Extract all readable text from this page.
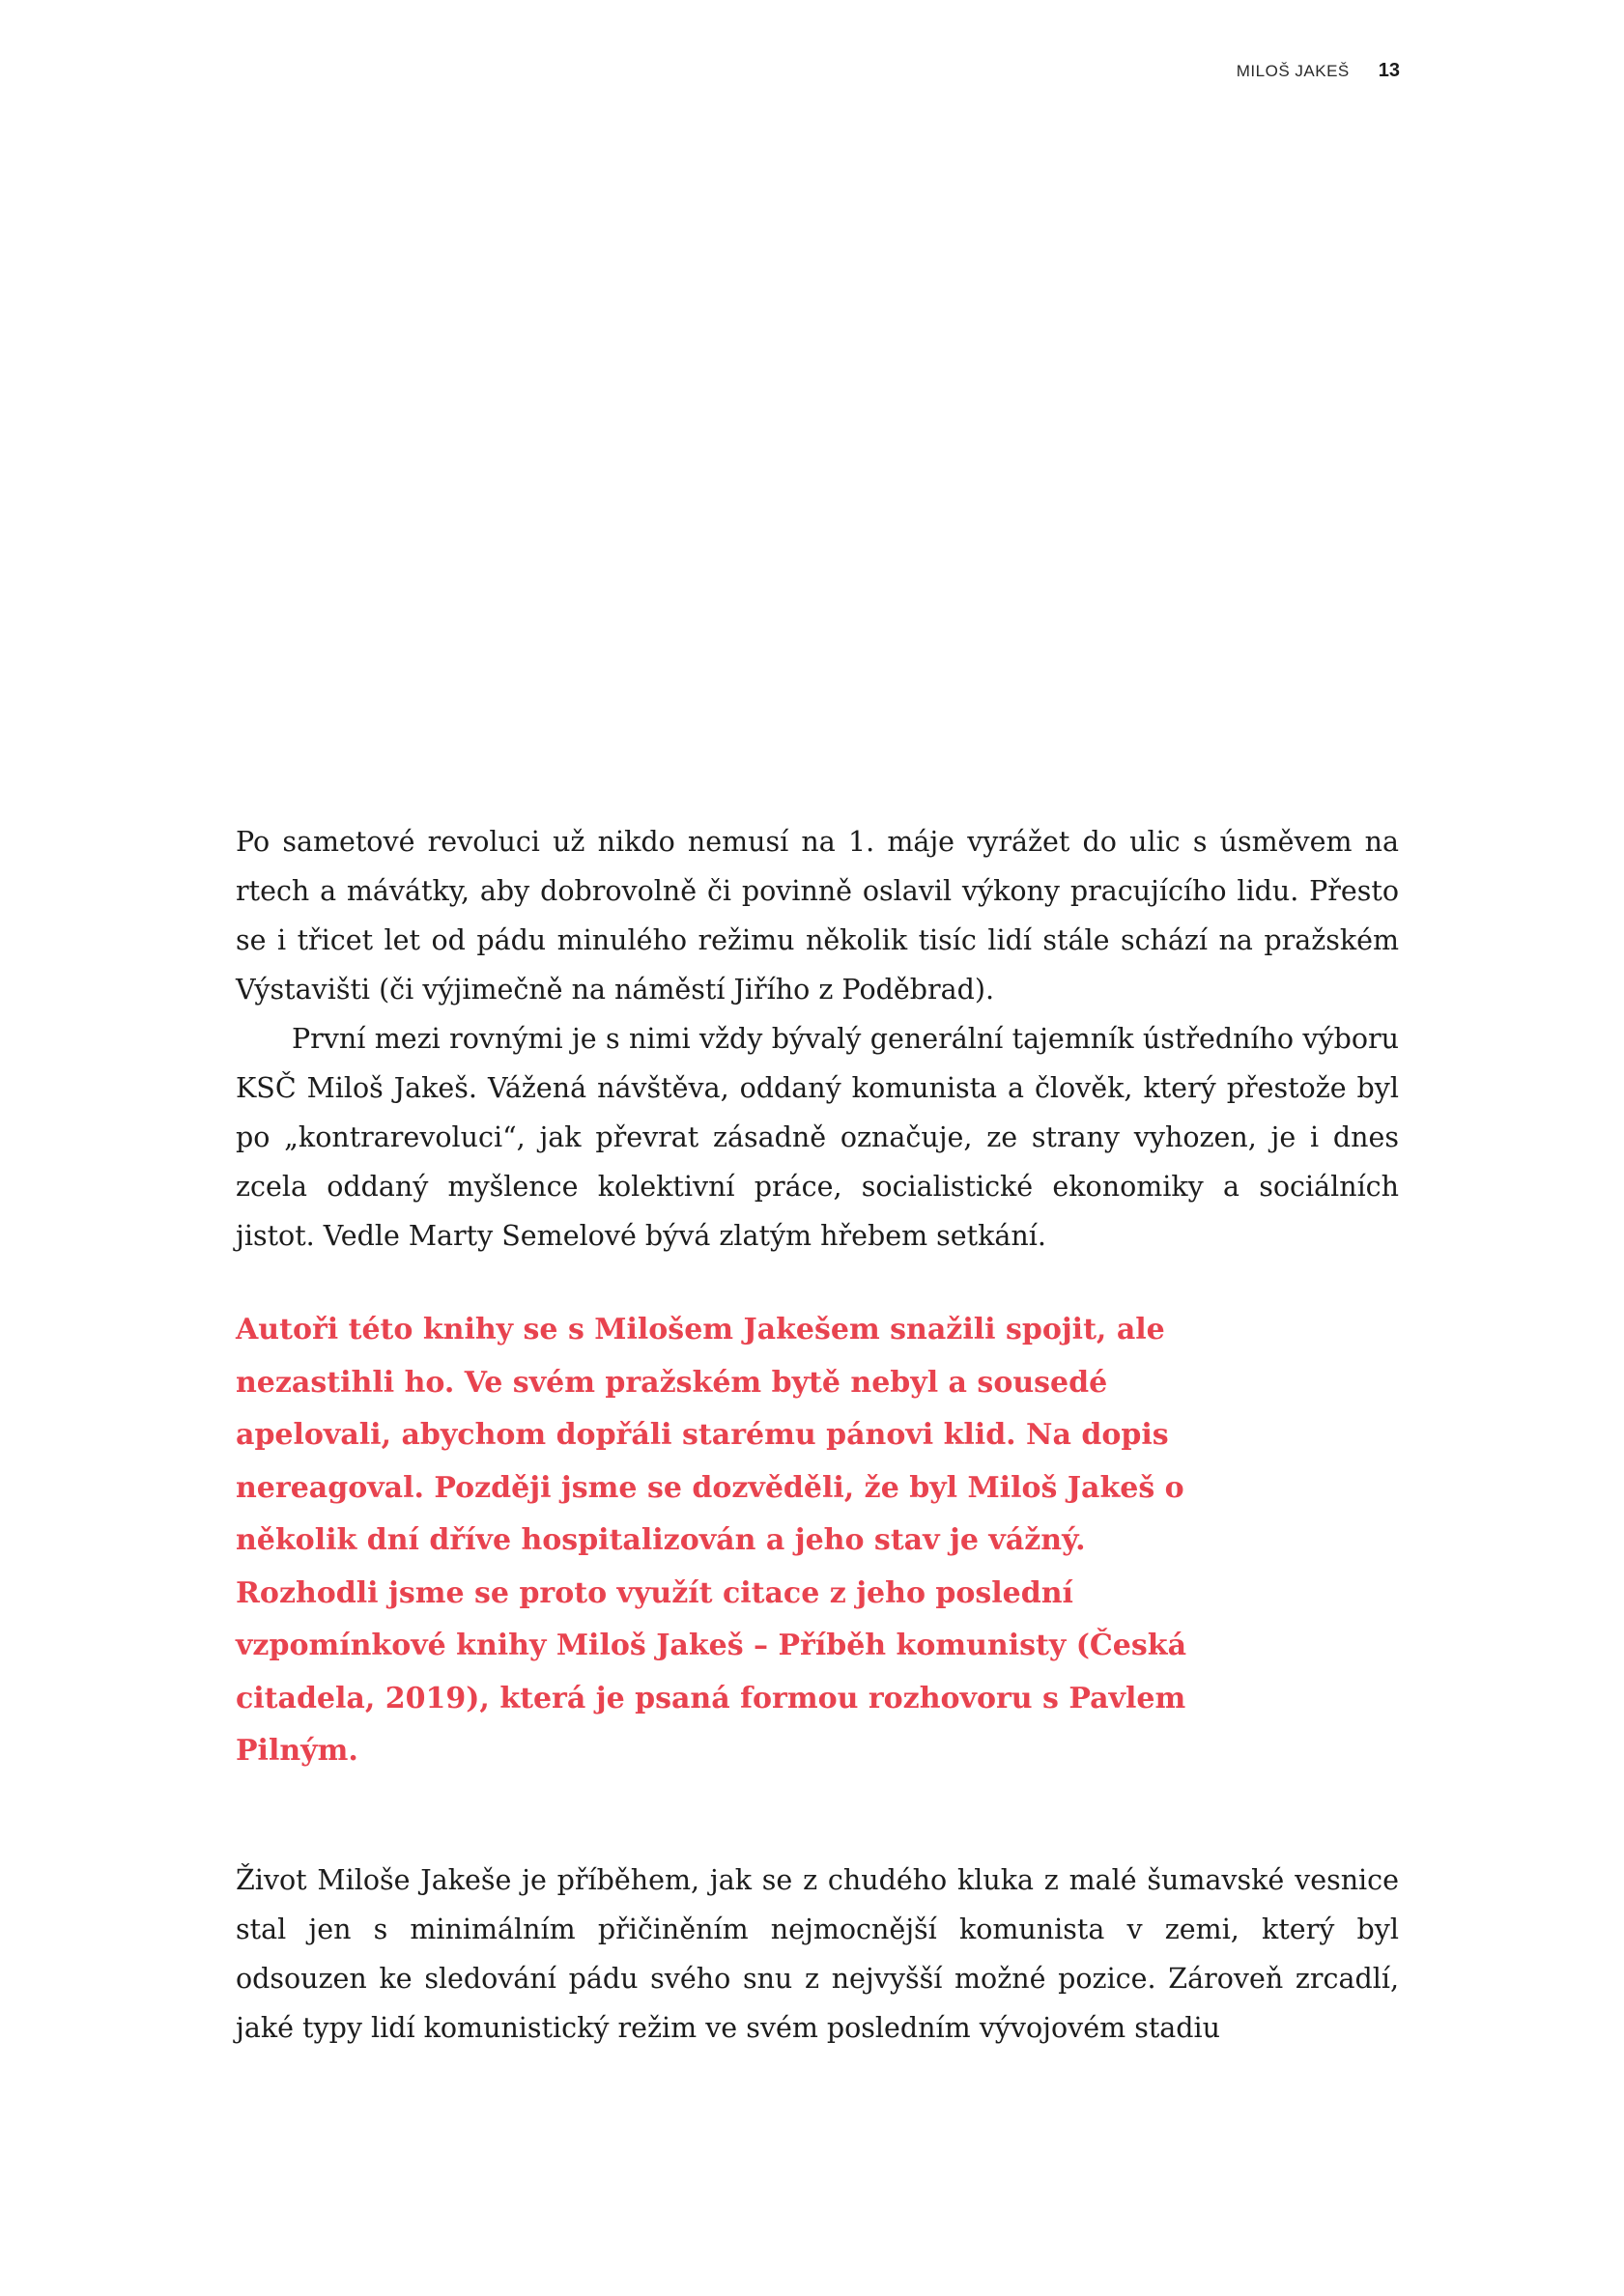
MILOŠ JAKEŠ 13

Po sametové revoluci už nikdo nemusí na 1. máje vyrážet do ulic s úsměvem na rtech a mávátky, aby dobrovolně či povinně oslavil výkony pracujícího lidu. Přesto se i třicet let od pádu minulého režimu několik tisíc lidí stále schází na pražském Výstavišti (či výjimečně na náměstí Jiřího z Poděbrad).

První mezi rovnými je s nimi vždy bývalý generální tajemník ústředního výboru KSČ Miloš Jakeš. Vážená návštěva, oddaný komunista a člověk, který přestože byl po „kontrarevoluci“, jak převrat zásadně označuje, ze strany vyhozen, je i dnes zcela oddaný myšlence kolektivní práce, socialistické ekonomiky a sociálních jistot. Vedle Marty Semelové bývá zlatým hřebem setkání.

Autoři této knihy se s Milošem Jakešem snažili spojit, ale nezastihli ho. Ve svém pražském bytě nebyl a sousedé apelovali, abychom dopřáli starému pánovi klid. Na dopis nereagoval. Později jsme se dozvěděli, že byl Miloš Jakeš o několik dní dříve hospitalizován a jeho stav je vážný. Rozhodli jsme se proto využít citace z jeho poslední vzpomínkové knihy Miloš Jakeš – Příběh komunisty (Česká citadela, 2019), která je psaná formou rozhovoru s Pavlem Pilným.

Život Miloše Jakeše je příběhem, jak se z chudého kluka z malé šumavské vesnice stal jen s minimálním přičiněním nejmocnější komunista v zemi, který byl odsouzen ke sledování pádu svého snu z nejvyšší možné pozice. Zároveň zrcadlí, jaké typy lidí komunistický režim ve svém posledním vývojovém stadiu
